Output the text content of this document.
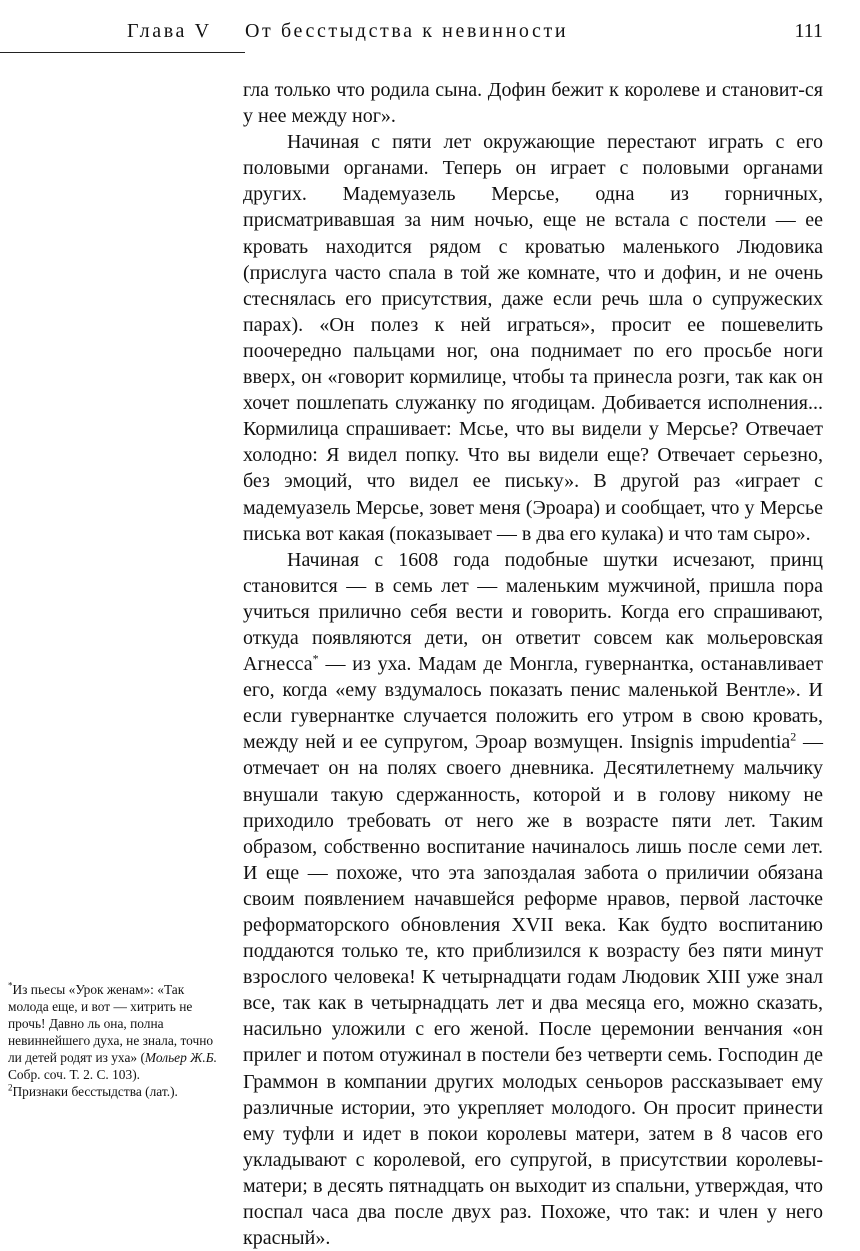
Глава V От бесстыдства к невинности	111

гла только что родила сына. Дофин бежит к королеве и становит-ся у нее между ног».

Начиная с пяти лет окружающие перестают играть с его половыми органами. Теперь он играет с половыми органами других. Мадемуазель Мерсье, одна из горничных, присматривавшая за ним ночью, еще не встала с постели — ее кровать находится рядом с кроватью маленького Людовика (прислуга часто спала в той же комнате, что и дофин, и не очень стеснялась его присутствия, даже если речь шла о супружеских парах). «Он полез к ней играться», просит ее пошевелить поочередно пальцами ног, она поднимает по его просьбе ноги вверх, он «говорит кормилице, чтобы та принесла розги, так как он хочет пошлепать служанку по ягодицам. Добивается исполнения... Кормилица спрашивает: Мсье, что вы видели у Мерсье? Отвечает холодно: Я видел попку. Что вы видели еще? Отвечает серьезно, без эмоций, что видел ее письку». В другой раз «играет с мадемуазель Мерсье, зовет меня (Эроара) и сообщает, что у Мерсье писька вот какая (показывает — в два его кулака) и что там сыро».

Начиная с 1608 года подобные шутки исчезают, принц становится — в семь лет — маленьким мужчиной, пришла пора учиться прилично себя вести и говорить. Когда его спрашивают, откуда появляются дети, он ответит совсем как мольеровская Агнесса* — из уха. Мадам де Монгла, гувернантка, останавливает его, когда «ему вздумалось показать пенис маленькой Вентле». И если гувернантке случается положить его утром в свою кровать, между ней и ее супругом, Эроар возмущен. Insignis impudentia$^2$ — отмечает он на полях своего дневника. Десятилетнему мальчику внушали такую сдержанность, которой и в голову никому не приходило требовать от него же в возрасте пяти лет. Таким образом, собственно воспитание начиналось лишь после семи лет. И еще — похоже, что эта запоздалая забота о приличии обязана своим появлением начавшейся реформе нравов, первой ласточке реформаторского обновления XVII века. Как будто воспитанию поддаются только те, кто приблизился к возрасту без пяти минут взрослого человека! К четырнадцати годам Людовик XIII уже знал все, так как в четырнадцать лет и два месяца его, можно сказать, насильно уложили с его женой. После церемонии венчания «он прилег и потом отужинал в постели без четверти семь. Господин де Граммон в компании других молодых сеньоров рассказывает ему различные истории, это укрепляет молодого. Он просит принести ему туфли и идет в покои королевы матери, затем в 8 часов его укладывают с королевой, его супругой, в присутствии королевы-матери; в десять пятнадцать он выходит из спальни, утверждая, что поспал часа два после двух раз. Похоже, что так: и член у него красный».

*Из пьесы «Урок женам»: «Так молода еще, и вот — хитрить не прочь! Давно ль она, полна невиннейшего духа, не знала, точно ли детей родят из уха» (Мольер Ж.Б. Собр. соч. Т. 2. С. 103).

$^2$Признаки бесстыдства (лат.).
